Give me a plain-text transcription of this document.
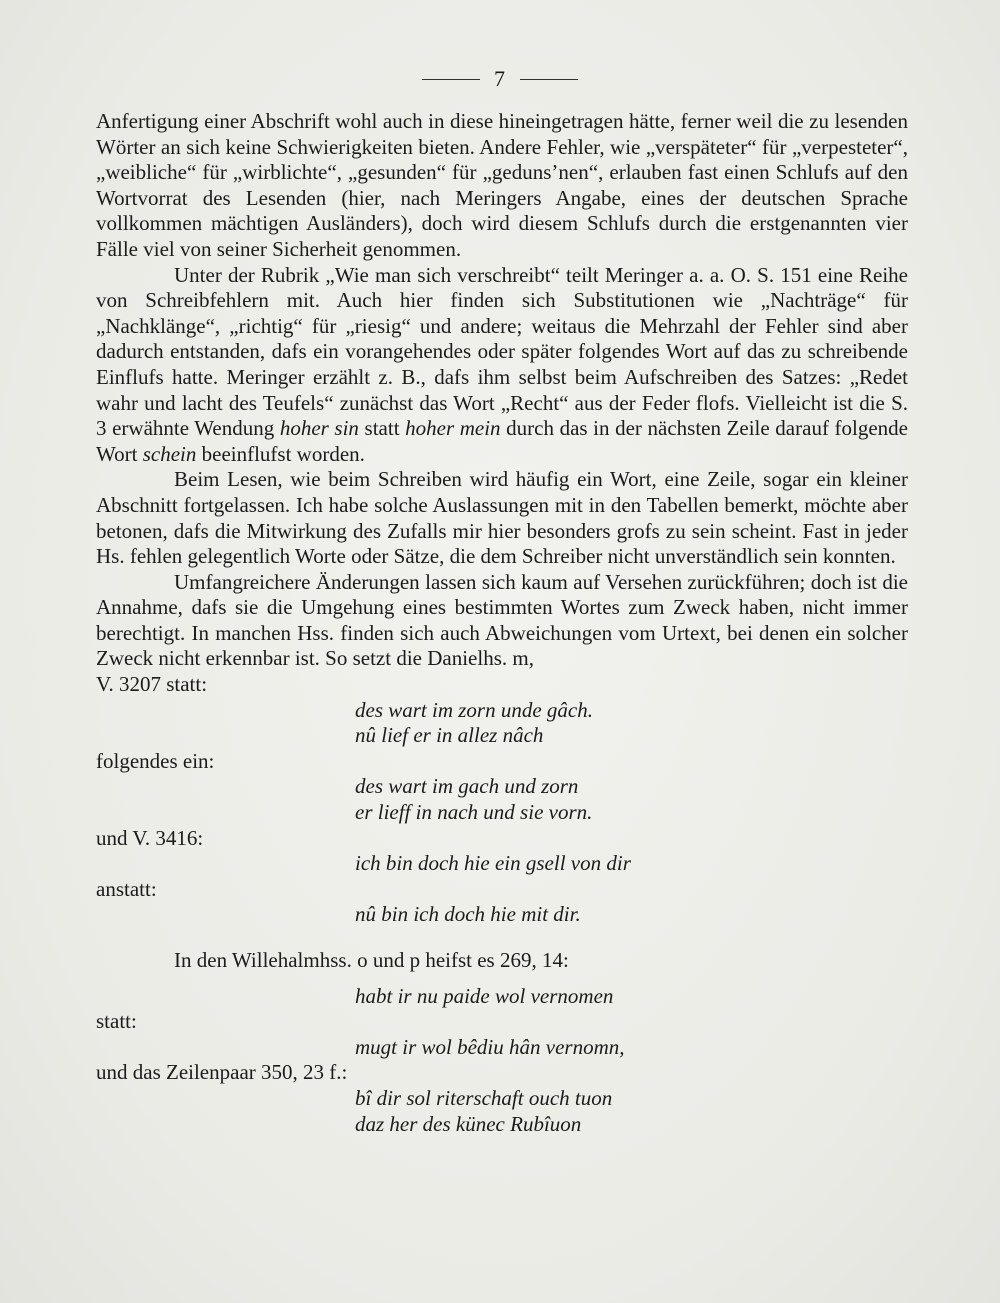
7

Anfertigung einer Abschrift wohl auch in diese hineingetragen hätte, ferner weil die zu lesenden Wörter an sich keine Schwierigkeiten bieten. Andere Fehler, wie „verspäteter“ für „verpesteter“, „weibliche“ für „wirblichte“, „gesunden“ für „geduns’nen“, erlauben fast einen Schlufs auf den Wortvorrat des Lesenden (hier, nach Meringers Angabe, eines der deutschen Sprache vollkommen mächtigen Ausländers), doch wird diesem Schlufs durch die erstgenannten vier Fälle viel von seiner Sicherheit genommen.

Unter der Rubrik „Wie man sich verschreibt“ teilt Meringer a. a. O. S. 151 eine Reihe von Schreibfehlern mit. Auch hier finden sich Substitutionen wie „Nachträge“ für „Nachklänge“, „richtig“ für „riesig“ und andere; weitaus die Mehrzahl der Fehler sind aber dadurch entstanden, dafs ein vorangehendes oder später folgendes Wort auf das zu schreibende Einflufs hatte. Meringer erzählt z. B., dafs ihm selbst beim Aufschreiben des Satzes: „Redet wahr und lacht des Teufels“ zunächst das Wort „Recht“ aus der Feder flofs. Vielleicht ist die S. 3 erwähnte Wendung hoher sin statt hoher mein durch das in der nächsten Zeile darauf folgende Wort schein beeinflufst worden.

Beim Lesen, wie beim Schreiben wird häufig ein Wort, eine Zeile, sogar ein kleiner Abschnitt fortgelassen. Ich habe solche Auslassungen mit in den Tabellen bemerkt, möchte aber betonen, dafs die Mitwirkung des Zufalls mir hier besonders grofs zu sein scheint. Fast in jeder Hs. fehlen gelegentlich Worte oder Sätze, die dem Schreiber nicht unverständlich sein konnten.

Umfangreichere Änderungen lassen sich kaum auf Versehen zurückführen; doch ist die Annahme, dafs sie die Umgehung eines bestimmten Wortes zum Zweck haben, nicht immer berechtigt. In manchen Hss. finden sich auch Abweichungen vom Urtext, bei denen ein solcher Zweck nicht erkennbar ist. So setzt die Danielhs. m,

V. 3207 statt:
des wart im zorn unde gâch.
nû lief er in allez nâch
folgendes ein:
des wart im gach und zorn
er lieff in nach und sie vorn.
und V. 3416:
ich bin doch hie ein gsell von dir
anstatt:
nû bin ich doch hie mit dir.
In den Willehalmhss. o und p heifst es 269, 14:
habt ir nu paide wol vernomen
statt:
mugt ir wol bêdiu hân vernomn,
und das Zeilenpaar 350, 23 f.:
bî dir sol riterschaft ouch tuon
daz her des künec Rubîuon
